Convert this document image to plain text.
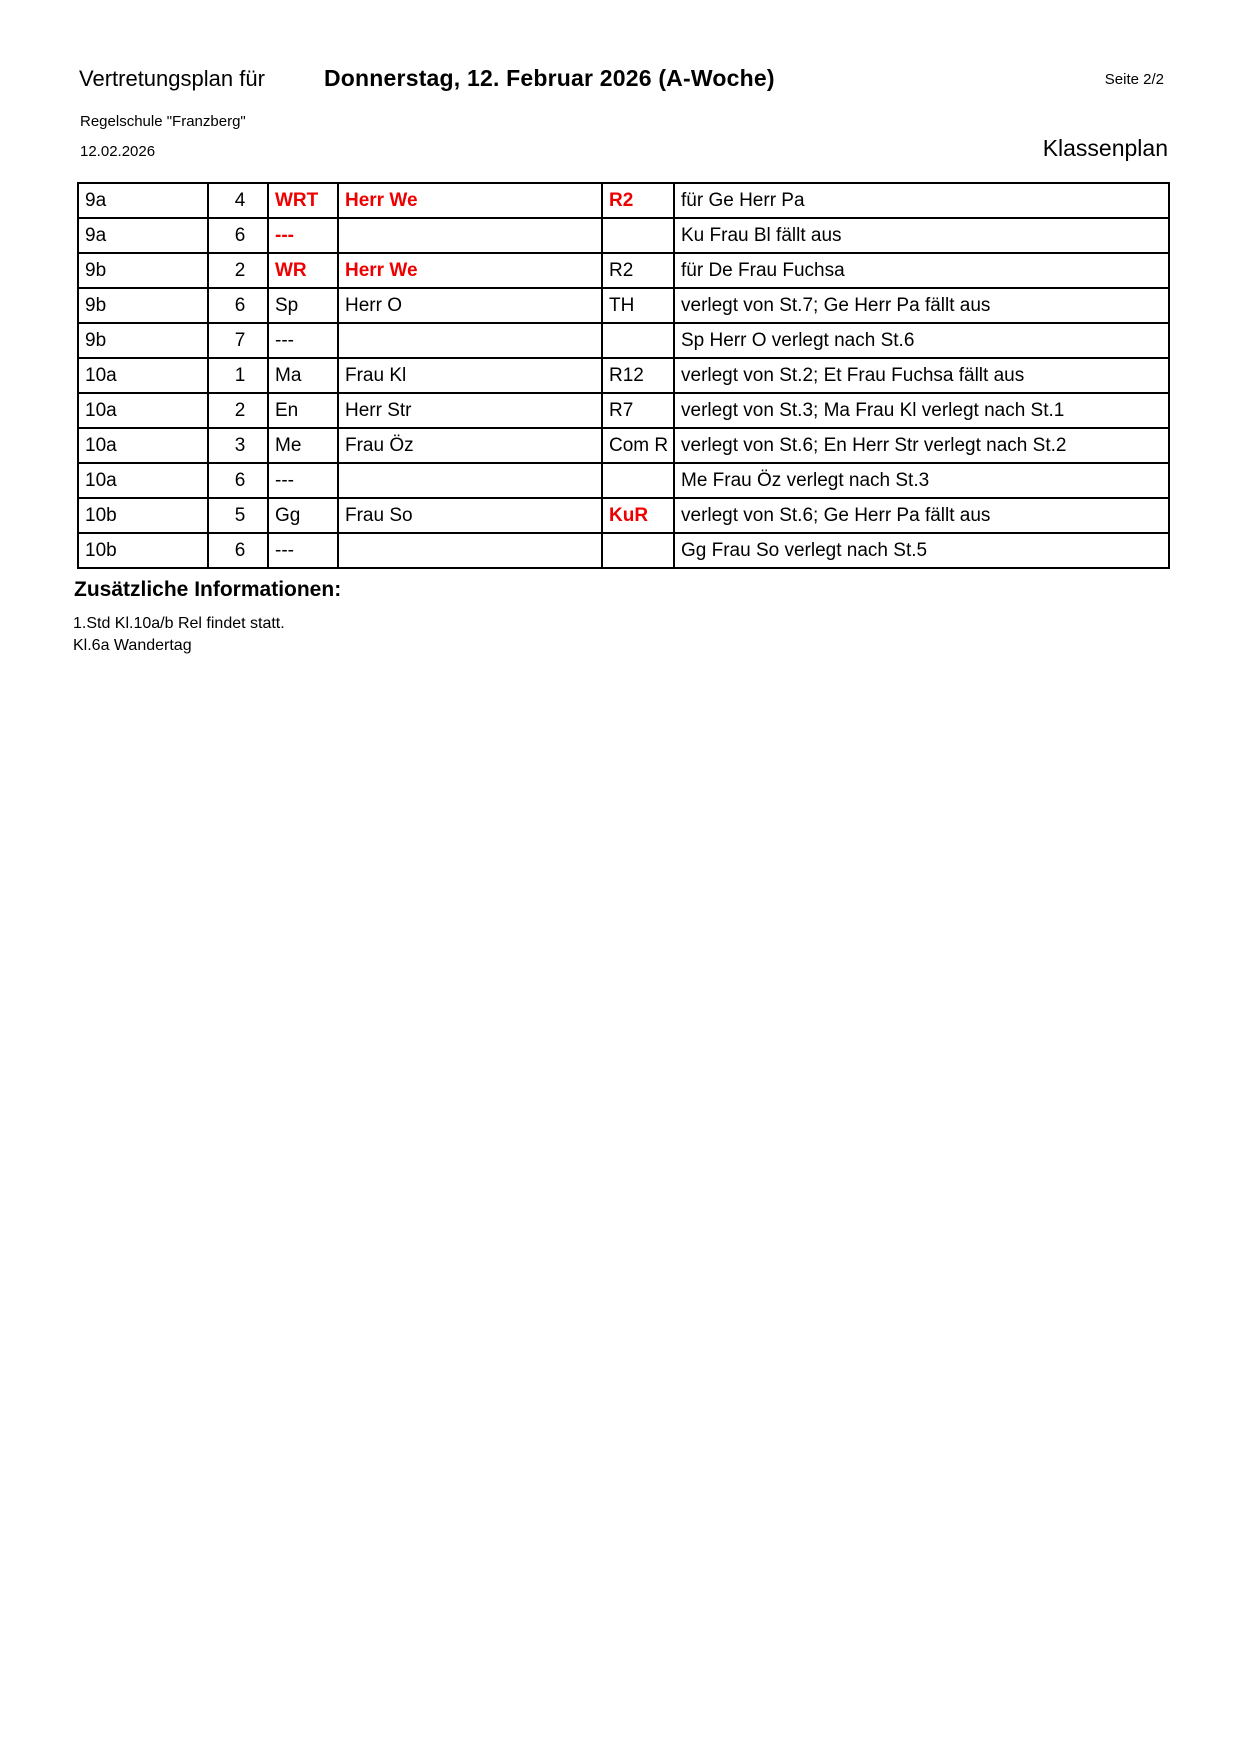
Vertretungsplan für	Donnerstag, 12. Februar 2026 (A-Woche)	Seite 2/2
Regelschule "Franzberg"
12.02.2026	Klassenplan
9a	4	WRT	Herr We	R2	für Ge Herr Pa
9a	6	---			Ku Frau Bl fällt aus
9b	2	WR	Herr We	R2	für De Frau Fuchsa
9b	6	Sp	Herr O	TH	verlegt von St.7; Ge Herr Pa fällt aus
9b	7	---			Sp Herr O verlegt nach St.6
10a	1	Ma	Frau Kl	R12	verlegt von St.2; Et Frau Fuchsa fällt aus
10a	2	En	Herr Str	R7	verlegt von St.3; Ma Frau Kl verlegt nach St.1
10a	3	Me	Frau Öz	Com R	verlegt von St.6; En Herr Str verlegt nach St.2
10a	6	---			Me Frau Öz verlegt nach St.3
10b	5	Gg	Frau So	KuR	verlegt von St.6; Ge Herr Pa fällt aus
10b	6	---			Gg Frau So verlegt nach St.5
Zusätzliche Informationen:
1.Std Kl.10a/b Rel findet statt.
Kl.6a Wandertag
